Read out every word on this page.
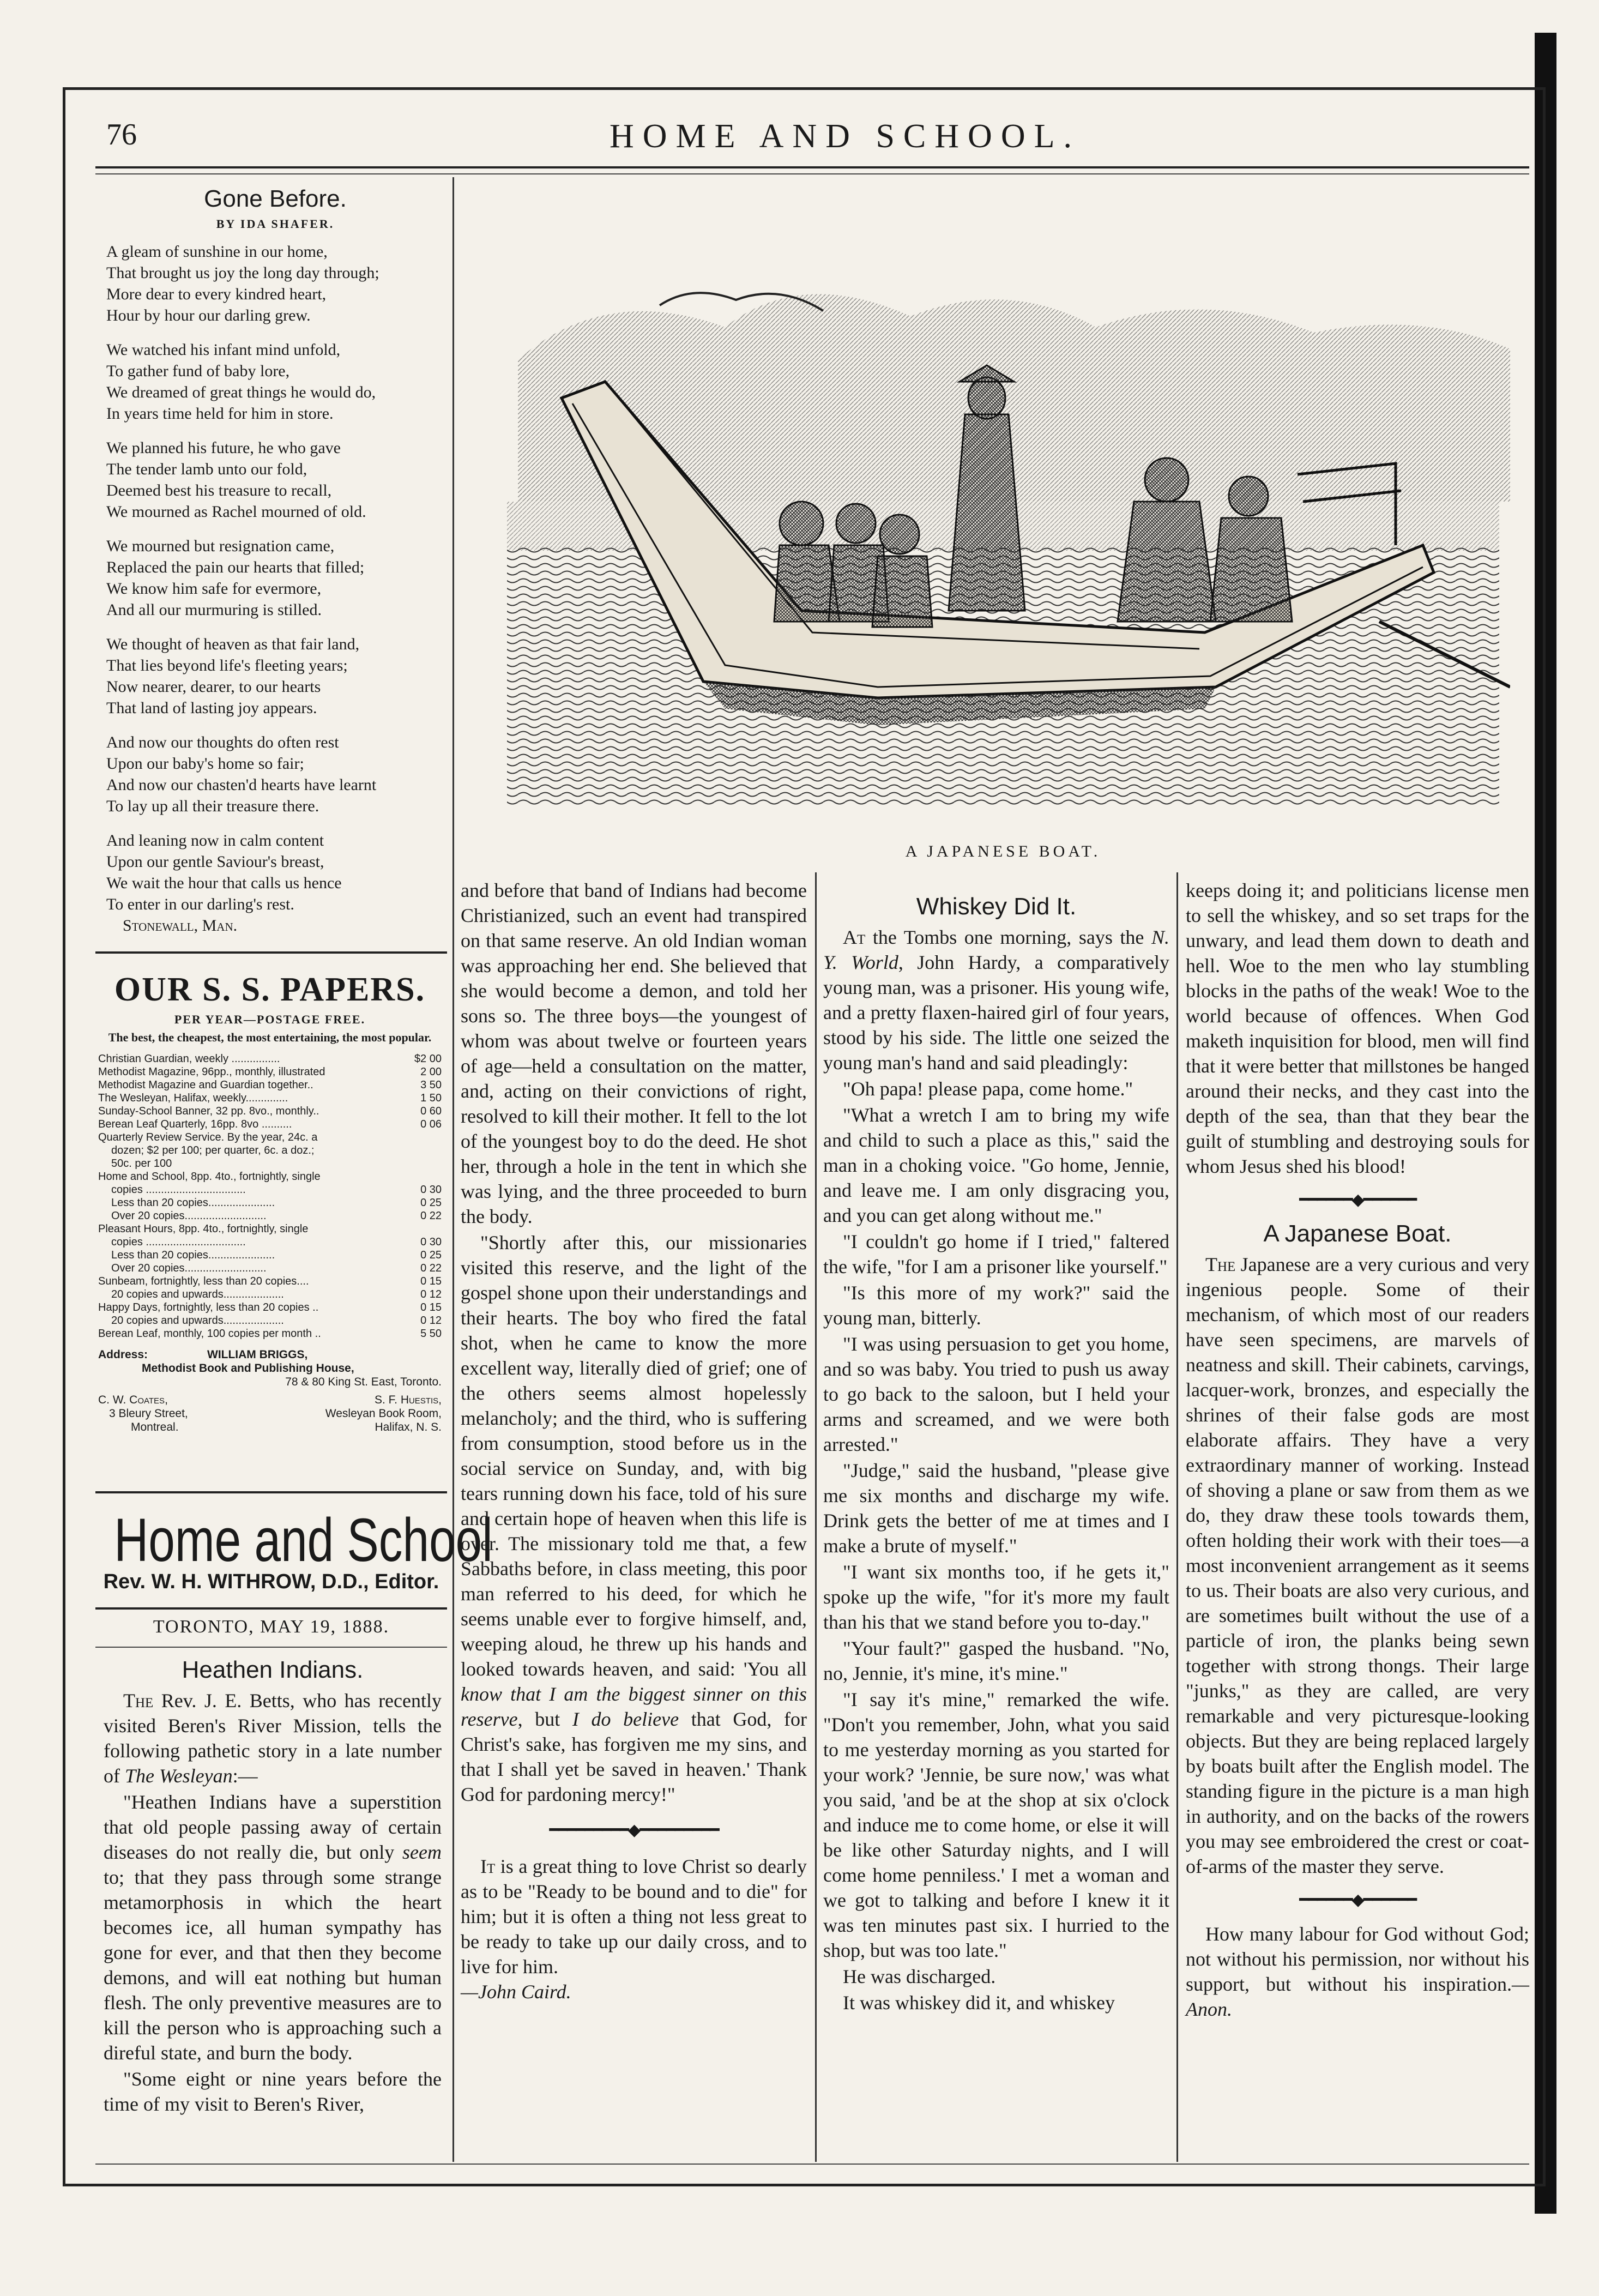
76	HOME AND SCHOOL.
Gone Before.
BY IDA SHAFER.
A gleam of sunshine in our home,
That brought us joy the long day through;
More dear to every kindred heart,
Hour by hour our darling grew.
We watched his infant mind unfold,
To gather fund of baby lore,
We dreamed of great things he would do,
In years time held for him in store.
We planned his future, he who gave
The tender lamb unto our fold,
Deemed best his treasure to recall,
We mourned as Rachel mourned of old.
We mourned but resignation came,
Replaced the pain our hearts that filled;
We know him safe for evermore,
And all our murmuring is stilled.
We thought of heaven as that fair land,
That lies beyond life's fleeting years;
Now nearer, dearer, to our hearts
That land of lasting joy appears.
And now our thoughts do often rest
Upon our baby's home so fair;
And now our chasten'd hearts have learnt
To lay up all their treasure there.
And leaning now in calm content
Upon our gentle Saviour's breast,
We wait the hour that calls us hence
To enter in our darling's rest.
Stonewall, Man.
OUR S. S. PAPERS.
PER YEAR—POSTAGE FREE.
The best, the cheapest, the most entertaining, the most popular.
Christian Guardian, weekly ................	$2 00
Methodist Magazine, 96pp., monthly, illustrated	2 00
Methodist Magazine and Guardian together..	3 50
The Wesleyan, Halifax, weekly..............	1 50
Sunday-School Banner, 32 pp. 8vo., monthly..	0 60
Berean Leaf Quarterly, 16pp. 8vo ..........	0 06
Quarterly Review Service. By the year, 24c. a
dozen; $2 per 100; per quarter, 6c. a doz.;
50c. per 100
Home and School, 8pp. 4to., fortnightly, single
copies .................................	0 30
Less than 20 copies......................	0 25
Over 20 copies...........................	0 22
Pleasant Hours, 8pp. 4to., fortnightly, single
copies .................................	0 30
Less than 20 copies......................	0 25
Over 20 copies...........................	0 22
Sunbeam, fortnightly, less than 20 copies....	0 15
20 copies and upwards....................	0 12
Happy Days, fortnightly, less than 20 copies ..	0 15
20 copies and upwards....................	0 12
Berean Leaf, monthly, 100 copies per month ..	5 50
Address:	WILLIAM BRIGGS,
Methodist Book and Publishing House,
78 & 80 King St. East, Toronto.
C. W. Coates,
3 Bleury Street,
Montreal.
S. F. Huestis,
Wesleyan Book Room,
Halifax, N. S.
Home and School
Rev. W. H. WITHROW, D.D., Editor.
TORONTO, MAY 19, 1888.
Heathen Indians.

The Rev. J. E. Betts, who has recently visited Beren's River Mission, tells the following pathetic story in a late number of The Wesleyan:—

"Heathen Indians have a superstition that old people passing away of certain diseases do not really die, but only seem to; that they pass through some strange metamorphosis in which the heart becomes ice, all human sympathy has gone for ever, and that then they become demons, and will eat nothing but human flesh. The only preventive measures are to kill the person who is approaching such a direful state, and burn the body.

"Some eight or nine years before the time of my visit to Beren's River,

A JAPANESE BOAT.

and before that band of Indians had become Christianized, such an event had transpired on that same reserve. An old Indian woman was approaching her end. She believed that she would become a demon, and told her sons so. The three boys—the youngest of whom was about twelve or fourteen years of age—held a consultation on the matter, and, acting on their convictions of right, resolved to kill their mother. It fell to the lot of the youngest boy to do the deed. He shot her, through a hole in the tent in which she was lying, and the three proceeded to burn the body.

"Shortly after this, our missionaries visited this reserve, and the light of the gospel shone upon their understandings and their hearts. The boy who fired the fatal shot, when he came to know the more excellent way, literally died of grief; one of the others seems almost hopelessly melancholy; and the third, who is suffering from consumption, stood before us in the social service on Sunday, and, with big tears running down his face, told of his sure and certain hope of heaven when this life is over. The missionary told me that, a few Sabbaths before, in class meeting, this poor man referred to his deed, for which he seems unable ever to forgive himself, and, weeping aloud, he threw up his hands and looked towards heaven, and said: 'You all know that I am the biggest sinner on this reserve, but I do believe that God, for Christ's sake, has forgiven me my sins, and that I shall yet be saved in heaven.' Thank God for pardoning mercy!"

━━━━━━━━━◆━━━━━━━━━

It is a great thing to love Christ so dearly as to be "Ready to be bound and to die" for him; but it is often a thing not less great to be ready to take up our daily cross, and to live for him.
—John Caird.

Whiskey Did It.

At the Tombs one morning, says the N. Y. World, John Hardy, a comparatively young man, was a prisoner. His young wife, and a pretty flaxen-haired girl of four years, stood by his side. The little one seized the young man's hand and said pleadingly:

"Oh papa! please papa, come home."

"What a wretch I am to bring my wife and child to such a place as this," said the man in a choking voice. "Go home, Jennie, and leave me. I am only disgracing you, and you can get along without me."

"I couldn't go home if I tried," faltered the wife, "for I am a prisoner like yourself."

"Is this more of my work?" said the young man, bitterly.

"I was using persuasion to get you home, and so was baby. You tried to push us away to go back to the saloon, but I held your arms and screamed, and we were both arrested."

"Judge," said the husband, "please give me six months and discharge my wife. Drink gets the better of me at times and I make a brute of myself."

"I want six months too, if he gets it," spoke up the wife, "for it's more my fault than his that we stand before you to-day."

"Your fault?" gasped the husband. "No, no, Jennie, it's mine, it's mine."

"I say it's mine," remarked the wife. "Don't you remember, John, what you said to me yesterday morning as you started for your work? 'Jennie, be sure now,' was what you said, 'and be at the shop at six o'clock and induce me to come home, or else it will be like other Saturday nights, and I will come home penniless.' I met a woman and we got to talking and before I knew it it was ten minutes past six. I hurried to the shop, but was too late."

He was discharged.

It was whiskey did it, and whiskey

keeps doing it; and politicians license men to sell the whiskey, and so set traps for the unwary, and lead them down to death and hell. Woe to the men who lay stumbling blocks in the paths of the weak! Woe to the world because of offences. When God maketh inquisition for blood, men will find that it were better that millstones be hanged around their necks, and they cast into the depth of the sea, than that they bear the guilt of stumbling and destroying souls for whom Jesus shed his blood!

━━━━━━◆━━━━━━
A Japanese Boat.

The Japanese are a very curious and very ingenious people. Some of their mechanism, of which most of our readers have seen specimens, are marvels of neatness and skill. Their cabinets, carvings, lacquer-work, bronzes, and especially the shrines of their false gods are most elaborate affairs. They have a very extraordinary manner of working. Instead of shoving a plane or saw from them as we do, they draw these tools towards them, often holding their work with their toes—a most inconvenient arrangement as it seems to us. Their boats are also very curious, and are sometimes built without the use of a particle of iron, the planks being sewn together with strong thongs. Their large "junks," as they are called, are very remarkable and very picturesque-looking objects. But they are being replaced largely by boats built after the English model. The standing figure in the picture is a man high in authority, and on the backs of the rowers you may see embroidered the crest or coat-of-arms of the master they serve.

━━━━━━◆━━━━━━

How many labour for God without God; not without his permission, nor without his support, but without his inspiration.—Anon.
